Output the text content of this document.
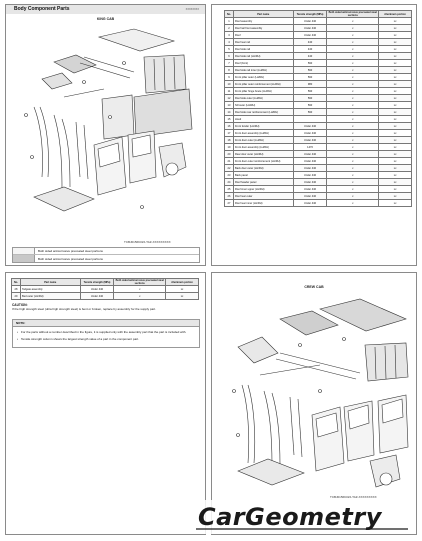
Body Component Parts	XXXXXXXX
KING CAB
TCBJ0156K0ZJ-TAZ-XXXXXXXXX
Both sided anticorrosive precoated steel portions
Both sided anticorrosive precoated steel portions
No.	Part name	Tensile strength (MPa)	Both sided anticorrosive precoated steel sections	Aluminum portion
1	Roof assembly	Under 440	x	xx
2	Roof rail front assembly	Under 440	x	xx
3	Roof	Under 440	x	xx
4	Roof rear rail	440	x	xx
5	Roof side rail	440	x	xx
6	Roof side rail (LH/RH)	440	x	xx
7	Roof (front)	590	x	xx
8	Roof side rail inner (LH/RH)	590	x	xx
9	Front pillar outer (LH/RH)	590	x	xx
10	Front pillar outer reinforcement (LH/RH)	980	x	xx
11	Front pillar hinge brace (LH/RH)	590	x	xx
12	Roof side outer (LH/RH)	590	x	xx
13	Sill outer (LH/RH)	590	x	xx
14	Roof side rear reinforcement (LH/RH)	590	x	xx
15	Hood		x	xx
16	Front fender (LH/RH)	Under 440	x	xx
17	Front door assembly (LH/RH)	Under 440	x	xx
18	Front door outer (LH/RH)	Under 440	x	xx
19	Front door assembly (LH/RH)	1470	x	xx
20	Rear door outer (LH/RH)	Under 440	x	xx
21	Front door outer reinforcement (LH/RH)	Under 440	x	xx
22	Back door outer (LH/RH)	Under 440	x	xx
23	Back panel	Under 440	x	xx
24	Roof header panel	Under 440	x	xx
25	Roof inner upper (LH/RH)	Under 440	x	xx
26	Roof rear outer	Under 440	x	xx
27	Roof rear inner (LH/RH)	Under 440	x	xx
No.	Part name	Tensile strength (MPa)	Both sided anticorrosive precoated steel sections	Aluminum portion
28	Tailgate assembly	Under 440	x	xx
29	Bed outer (LH/RH)	Under 440	x	xx
CAUTION:
If the high strength steel (ultra high strength steel) is bent or broken, replace by assembly for the supply part.
NOTE:
• For the parts without a number described in the figure, it is supplied only with the assembly part that the part is included with.
• Tensile strength column shows the largest strength value of a part in the component part.
CREW CAB
TCBJ0156K0ZJ-TAZ-XXXXXXXXX
CarGeometry
